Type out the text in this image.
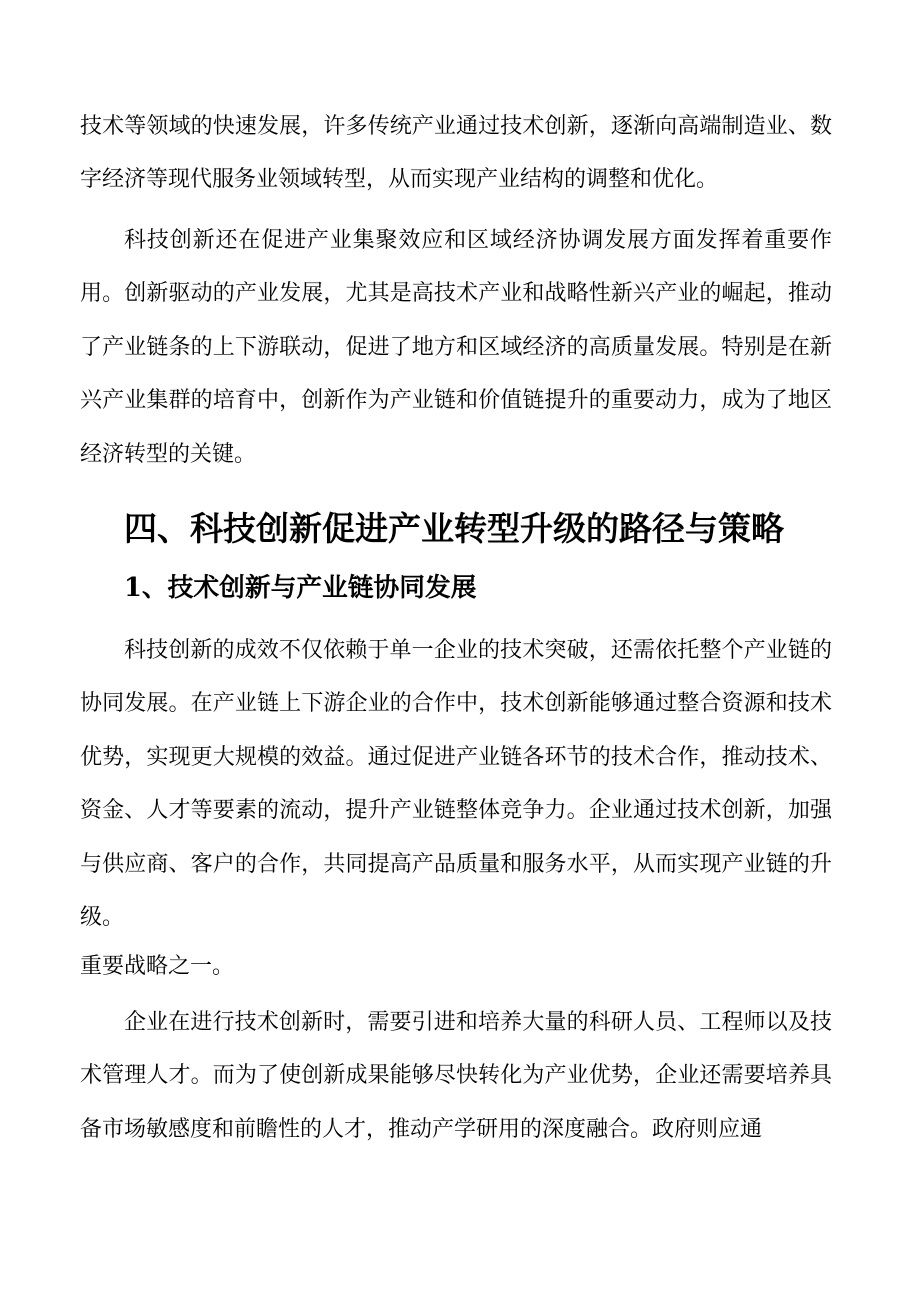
技术等领域的快速发展，许多传统产业通过技术创新，逐渐向高端制造业、数字经济等现代服务业领域转型，从而实现产业结构的调整和优化。

科技创新还在促进产业集聚效应和区域经济协调发展方面发挥着重要作用。创新驱动的产业发展，尤其是高技术产业和战略性新兴产业的崛起，推动了产业链条的上下游联动，促进了地方和区域经济的高质量发展。特别是在新兴产业集群的培育中，创新作为产业链和价值链提升的重要动力，成为了地区经济转型的关键。

四、科技创新促进产业转型升级的路径与策略
1、技术创新与产业链协同发展

科技创新的成效不仅依赖于单一企业的技术突破，还需依托整个产业链的协同发展。在产业链上下游企业的合作中，技术创新能够通过整合资源和技术优势，实现更大规模的效益。通过促进产业链各环节的技术合作，推动技术、资金、人才等要素的流动，提升产业链整体竞争力。企业通过技术创新，加强与供应商、客户的合作，共同提高产品质量和服务水平，从而实现产业链的升级。

重要战略之一。

企业在进行技术创新时，需要引进和培养大量的科研人员、工程师以及技术管理人才。而为了使创新成果能够尽快转化为产业优势，企业还需要培养具备市场敏感度和前瞻性的人才，推动产学研用的深度融合。政府则应通
